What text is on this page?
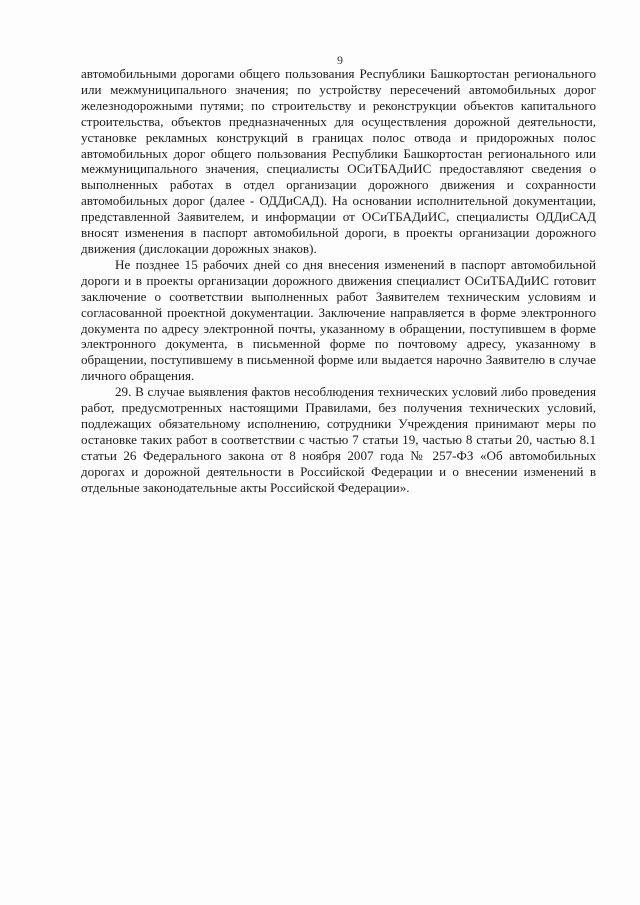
9

автомобильными дорогами общего пользования Республики Башкортостан регионального или межмуниципального значения; по устройству пересечений автомобильных дорог железнодорожными путями; по строительству и реконструкции объектов капитального строительства, объектов предназначенных для осуществления дорожной деятельности, установке рекламных конструкций в границах полос отвода и придорожных полос автомобильных дорог общего пользования Республики Башкортостан регионального или межмуниципального значения, специалисты ОСиТБАДиИС предоставляют сведения о выполненных работах в отдел организации дорожного движения и сохранности автомобильных дорог (далее - ОДДиСАД). На основании исполнительной документации, представленной Заявителем, и информации от ОСиТБАДиИС, специалисты ОДДиСАД вносят изменения в паспорт автомобильной дороги, в проекты организации дорожного движения (дислокации дорожных знаков).

Не позднее 15 рабочих дней со дня внесения изменений в паспорт автомобильной дороги и в проекты организации дорожного движения специалист ОСиТБАДиИС готовит заключение о соответствии выполненных работ Заявителем техническим условиям и согласованной проектной документации. Заключение направляется в форме электронного документа по адресу электронной почты, указанному в обращении, поступившем в форме электронного документа, в письменной форме по почтовому адресу, указанному в обращении, поступившему в письменной форме или выдается нарочно Заявителю в случае личного обращения.

29. В случае выявления фактов несоблюдения технических условий либо проведения работ, предусмотренных настоящими Правилами, без получения технических условий, подлежащих обязательному исполнению, сотрудники Учреждения принимают меры по остановке таких работ в соответствии с частью 7 статьи 19, частью 8 статьи 20, частью 8.1 статьи 26 Федерального закона от 8 ноября 2007 года № 257-ФЗ «Об автомобильных дорогах и дорожной деятельности в Российской Федерации и о внесении изменений в отдельные законодательные акты Российской Федерации».
